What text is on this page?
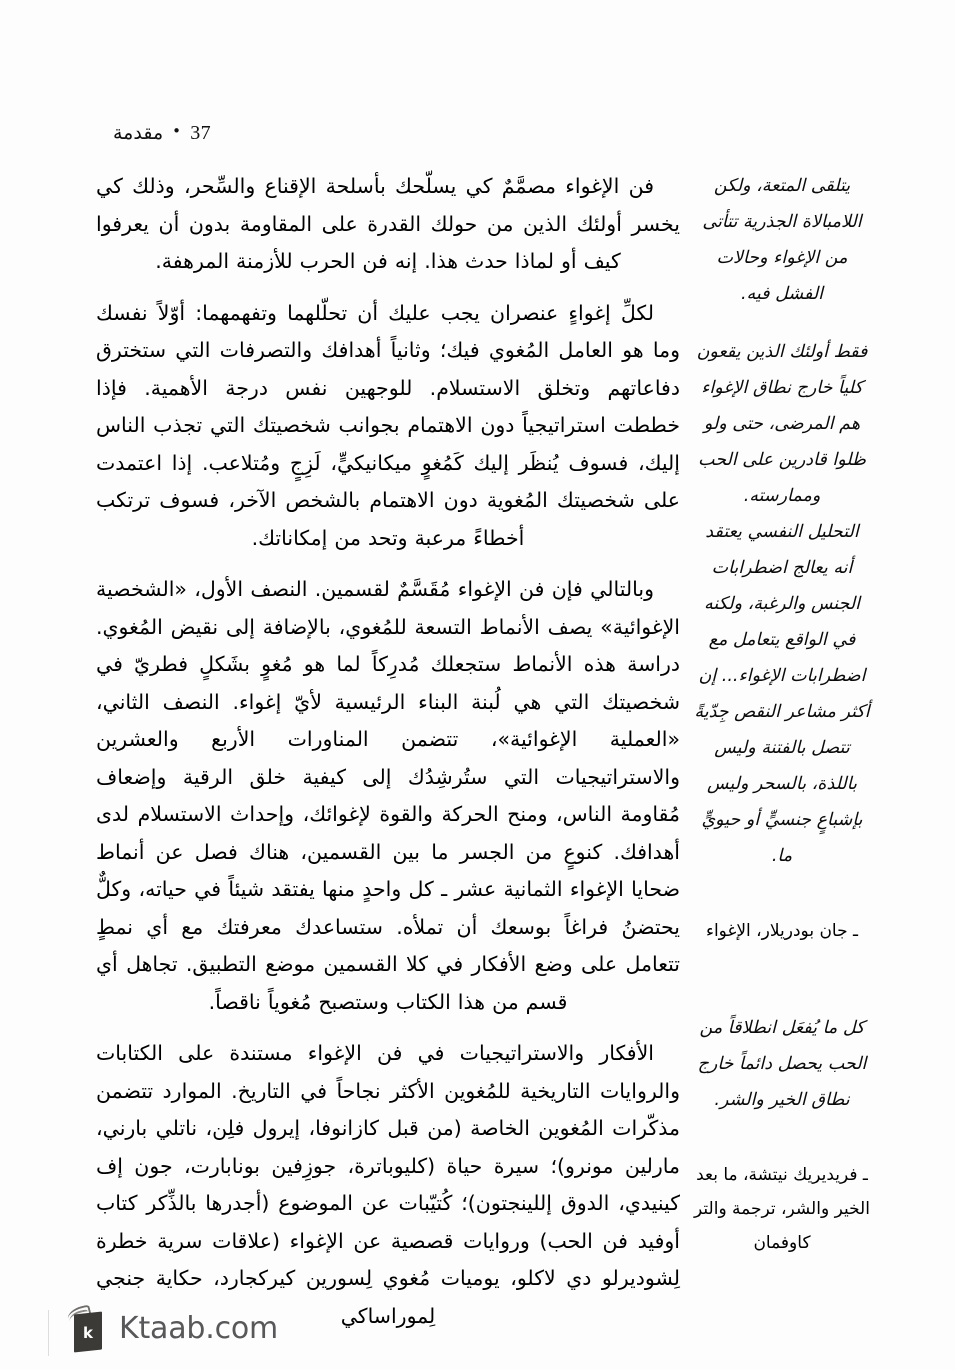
مقدمة • 37

فن الإغواء مصمَّمٌ كي يسلّحك بأسلحة الإقناع والسِّحر، وذلك كي يخسر أولئك الذين من حولك القدرة على المقاومة بدون أن يعرفوا كيف أو لماذا حدث هذا. إنه فن الحرب للأزمنة المرهفة.

لكلِّ إغواءٍ عنصران يجب عليك أن تحلّلهما وتفهمهما: أوّلاً نفسك وما هو العامل المُغوي فيك؛ وثانياً أهدافك والتصرفات التي ستخترق دفاعاتهم وتخلق الاستسلام. للوجهين نفس درجة الأهمية. فإذا خططت استراتيجياً دون الاهتمام بجوانب شخصيتك التي تجذب الناس إليك، فسوف يُنظَر إليك كَمُغوٍ ميكانيكيٍّ، لَزِجٍ ومُتلاعب. إذا اعتمدت على شخصيتك المُغوية دون الاهتمام بالشخص الآخر، فسوف ترتكب أخطاءً مرعبة وتحد من إمكاناتك.

وبالتالي فإن فن الإغواء مُقَسَّمٌ لقسمين. النصف الأول، «الشخصية الإغوائية» يصف الأنماط التسعة للمُغوي، بالإضافة إلى نقيض المُغوي. دراسة هذه الأنماط ستجعلك مُدرِكاً لما هو مُغوٍ بشَكلٍ فطريّ في شخصيتك التي هي لُبنة البناء الرئيسية لأيّ إغواء. النصف الثاني، «العملية الإغوائية»، تتضمن المناورات الأربع والعشرين والاستراتيجيات التي ستُرشِدُك إلى كيفية خلق الرقية وإضعاف مُقاومة الناس، ومنح الحركة والقوة لإغوائك، وإحداث الاستسلام لدى أهدافك. كنوعٍ من الجسر ما بين القسمين، هناك فصل عن أنماط ضحايا الإغواء الثمانية عشر ـ كل واحدٍ منها يفتقد شيئاً في حياته، وكلٌّ يحتضنُ فراغاً بوسعك أن تملأه. ستساعدك معرفتك مع أي نمطٍ تتعامل على وضع الأفكار في كلا القسمين موضع التطبيق. تجاهل أي قسم من هذا الكتاب وستصبح مُغوياً ناقصاً.

الأفكار والاستراتيجيات في فن الإغواء مستندة على الكتابات والروايات التاريخية للمُغوين الأكثر نجاحاً في التاريخ. الموارد تتضمن مذكّرات المُغوين الخاصة (من قبل كازانوفا، إيرول فلِن، ناتلي بارني، مارلين مونرو)؛ سيرة حياة (كليوباترة، جوزِفين بونابارت، جون إف كينيدي، الدوق إللينجتون)؛ كُتيّبات عن الموضوع (أجدرها بالذِّكر كتاب أوفيد فن الحب) وروايات قصصية عن الإغواء (علاقات سرية خطرة لِشوديرلو دي لاكلو، يوميات مُغوي لِسورين كيركجارد، حكاية جنجي لِموراساكي

يتلقى المتعة، ولكن اللامبالاة الجذرية تتأتى من الإغواء وحالات الفشل فيه.

فقط أولئك الذين يقعون كلياً خارج نطاق الإغواء هم المرضى، حتى ولو ظلوا قادرين على الحب وممارسته.

التحليل النفسي يعتقد أنه يعالج اضطرابات الجنس والرغبة، ولكنه في الواقع يتعامل مع اضطرابات الإغواء... إن أكثر مشاعر النقص جِدّيةً تتصل بالفتنة وليس باللذة، بالسحر وليس بإشباعٍ جنسيٍّ أو حيويٍّ ما.

ـ جان بودريلار، الإغواء

كل ما يُفعَل انطلاقاً من الحب يحصل دائماً خارج نطاق الخير والشر.

ـ فريديريك نيتشة، ما بعد الخير والشر، ترجمة والتر كاوفمان

k Ktaab.com
